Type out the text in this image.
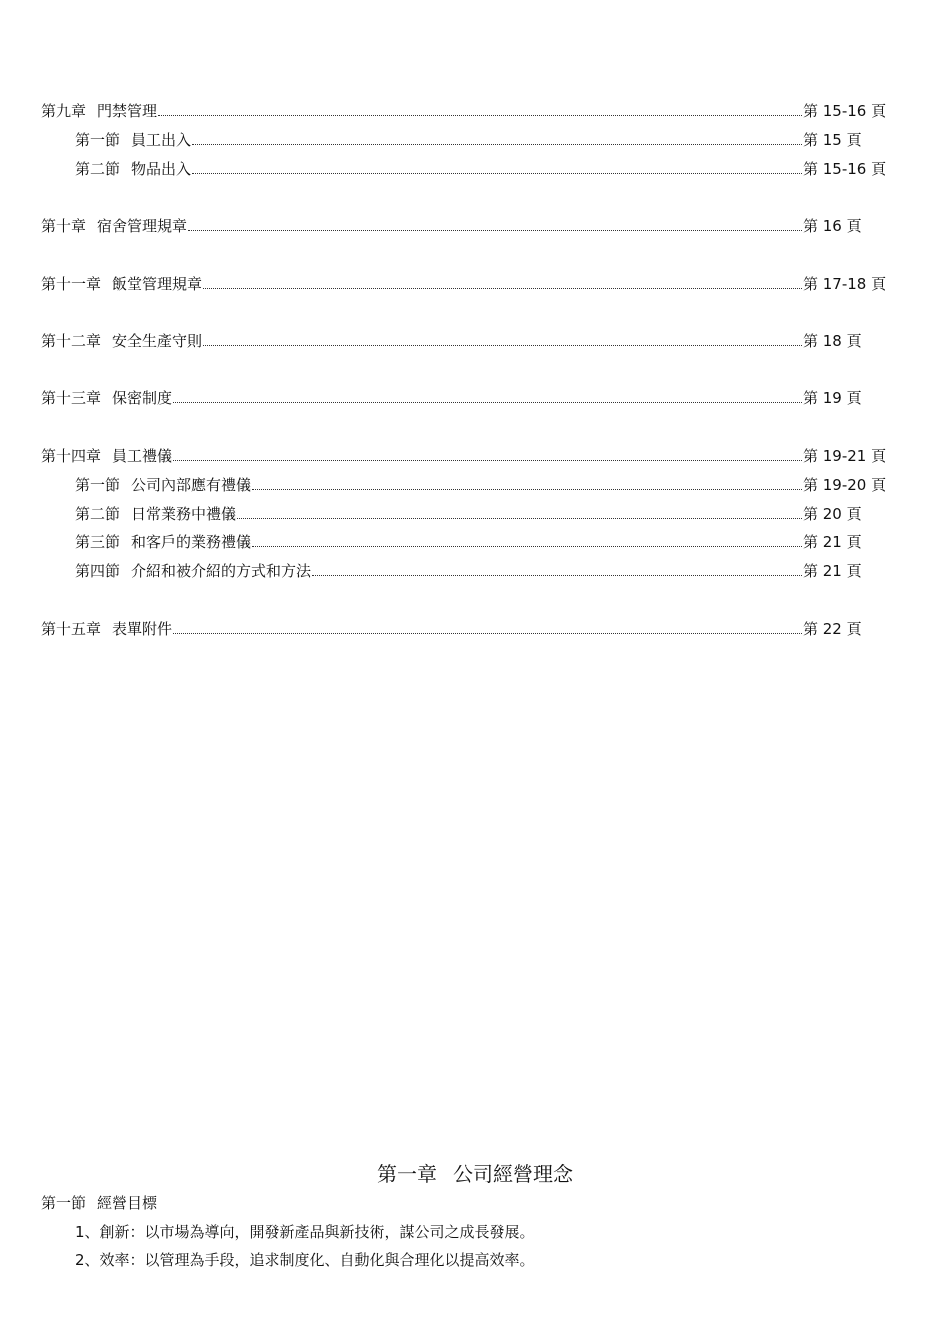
第九章 門禁管理	第 15-16 頁
第一節 員工出入	第 15 頁
第二節 物品出入	第 15-16 頁
第十章 宿舍管理規章	第 16 頁
第十一章 飯堂管理規章	第 17-18 頁
第十二章 安全生產守則	第 18 頁
第十三章 保密制度	第 19 頁
第十四章 員工禮儀	第 19-21 頁
第一節 公司內部應有禮儀	第 19-20 頁
第二節 日常業務中禮儀	第 20 頁
第三節 和客戶的業務禮儀	第 21 頁
第四節 介紹和被介紹的方式和方法	第 21 頁
第十五章 表單附件	第 22 頁
第一章 公司經營理念
第一節 經營目標
1、創新：以市場為導向，開發新產品與新技術，謀公司之成長發展。
2、效率：以管理為手段，追求制度化、自動化與合理化以提高效率。
